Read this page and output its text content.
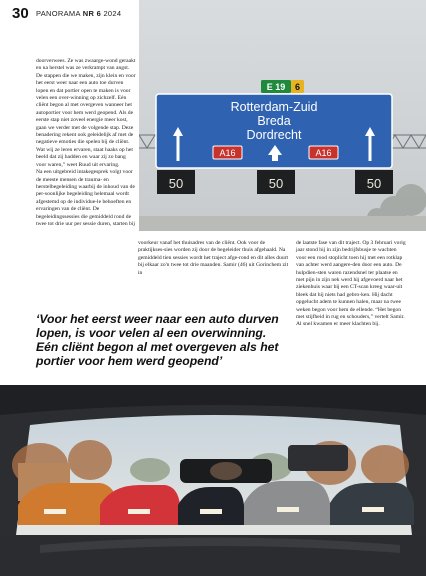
30 PANORAMA NR 6 2024
E 19 6
Rotterdam-Zuid
Breda
Dordrecht
A16	A16
50	50	50

doorverwees. Ze was zwaarge-wond geraakt en na herstel was ze verkrampt van angst. De stappen die we maken, zijn klein en voor het eerst weer naar een auto toe durven lopen en dat portier open te maken is voor velen een over-winning op zichzelf. Eén cliënt begon al met overgeven wanneer het autoportier voor hem werd geopend. Als de eerste stap niet zoveel energie meer kost, gaan we verder met de volgende stap. Deze benadering rekent ook geleidelijk af met de negatieve emoties die spelen bij de cliënt. Wat wij ze leren ervaren, staat haaks op het beeld dat zij hadden en waar zij zo bang voor waren,” weet Ruud uit ervaring.

Na een uitgebreid intakegesprek volgt voor de meeste mensen de trauma- en herstelbegeleiding waarbij de inhoud van de per-soonlijke begeleiding helemaal wordt afgestemd op de individue-le behoeften en ervaringen van de cliënt. De begeleidingssessies die gemiddeld rond de twee tot drie uur per sessie duren, starten bij

voorkeur vanaf het thuisadres van de cliënt. Ook voor de praktijkses-sies worden zij door de begeleider thuis afgehaald. Na gemiddeld tien sessies wordt het traject afge-rond en dit alles duurt bij elkaar zo'n twee tot drie maanden. Samir (46) uit Gorinchem zit in

de laatste fase van dit traject. Op 3 februari vorig jaar stond hij in zijn bedrijfsbusje te wachten voor een rood stoplicht toen hij met een rotklap van achter werd aangere-den door een auto. De hulpdien-sten waren razendsnel ter plaatse en met pijn in zijn nek werd hij afgevoerd naar het ziekenhuis waar bij een CT-scan kreeg waar-uit bleek dat hij niets had gebro-ken. Hij dacht opgelucht adem te kunnen halen, maar na twee weken begon voor hem de ellende. “Het begon met stijfheid in rug en schouders,” vertelt Samir. Al snel kwamen er meer klachten bij.

‘Voor het eerst weer naar een auto durven lopen, is voor velen al een overwinning. Eén cliënt begon al met overgeven als het portier voor hem werd geopend’
